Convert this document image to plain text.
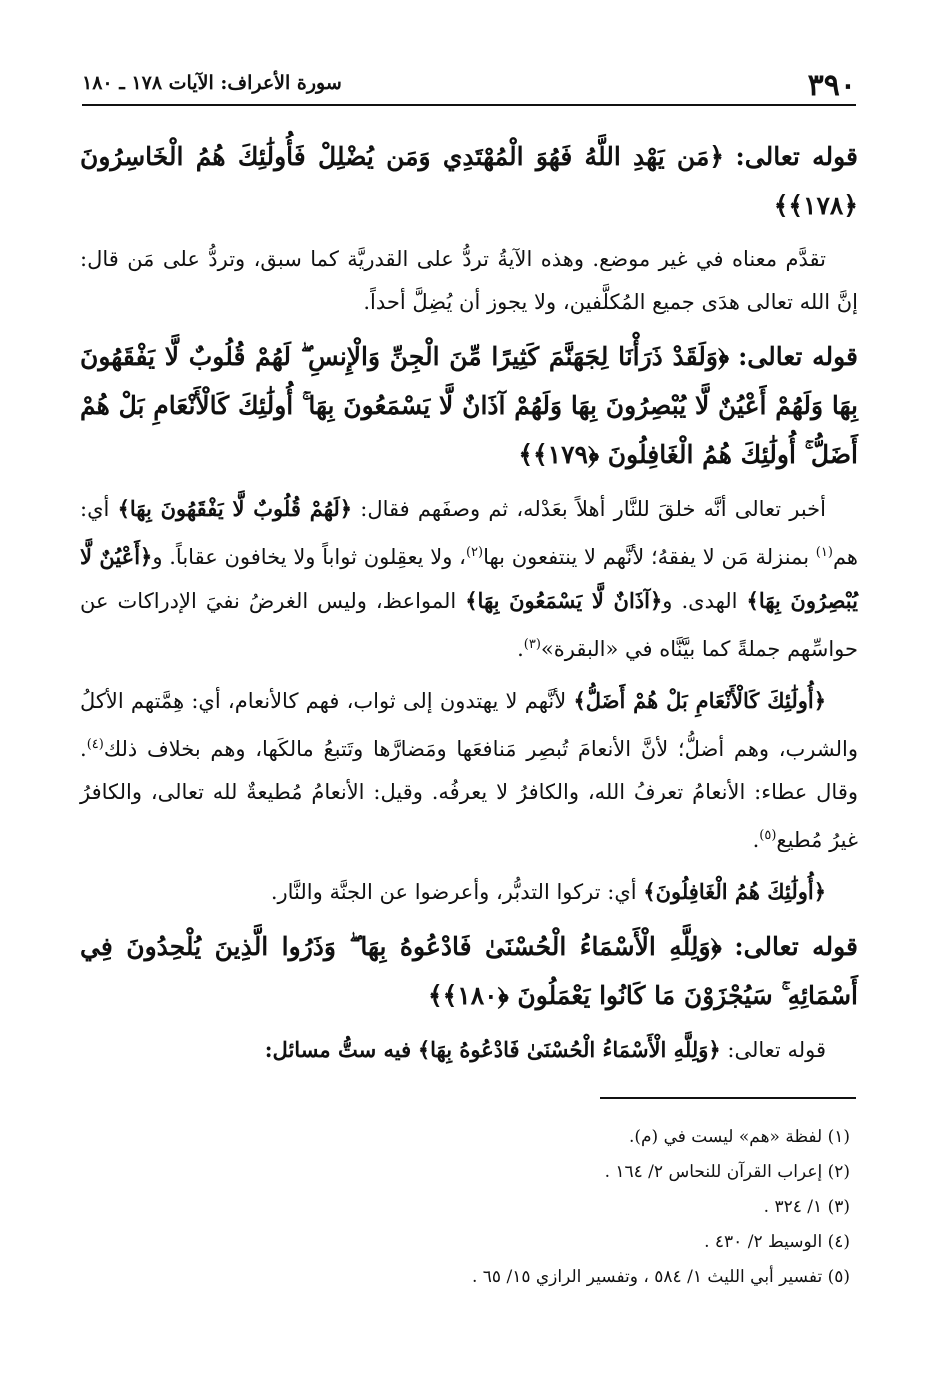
٣٩٠
سورة الأعراف: الآيات ١٧٨ ـ ١٨٠

قوله تعالى: ﴿مَن يَهْدِ اللَّهُ فَهُوَ الْمُهْتَدِي وَمَن يُضْلِلْ فَأُولَٰئِكَ هُمُ الْخَاسِرُونَ ﴿١٧٨﴾﴾

تقدَّم معناه في غير موضع. وهذه الآيةُ تردُّ على القدريَّة كما سبق، وتردُّ على مَن قال: إنَّ الله تعالى هدَى جميع المُكلَّفين، ولا يجوز أن يُضِلَّ أحداً.

قوله تعالى: ﴿وَلَقَدْ ذَرَأْنَا لِجَهَنَّمَ كَثِيرًا مِّنَ الْجِنِّ وَالْإِنسِ ۖ لَهُمْ قُلُوبٌ لَّا يَفْقَهُونَ بِهَا وَلَهُمْ أَعْيُنٌ لَّا يُبْصِرُونَ بِهَا وَلَهُمْ آذَانٌ لَّا يَسْمَعُونَ بِهَا ۚ أُولَٰئِكَ كَالْأَنْعَامِ بَلْ هُمْ أَضَلُّ ۚ أُولَٰئِكَ هُمُ الْغَافِلُونَ ﴿١٧٩﴾﴾

أخبر تعالى أنَّه خلقَ للنَّار أهلاً بعَدْله، ثم وصفَهم فقال: ﴿لَهُمْ قُلُوبٌ لَّا يَفْقَهُونَ بِهَا﴾ أي: هم$^{(١)}$ بمنزلة مَن لا يفقهُ؛ لأنَّهم لا ينتفعون بها$^{(٢)}$، ولا يعقِلون ثواباً ولا يخافون عقاباً. و﴿أَعْيُنٌ لَّا يُبْصِرُونَ بِهَا﴾ الهدى. و﴿آذَانٌ لَّا يَسْمَعُونَ بِهَا﴾ المواعظ، وليس الغرضُ نفيَ الإدراكات عن حواسِّهم جملةً كما بيَّنَّاه في «البقرة»$^{(٣)}$.

﴿أُولَٰئِكَ كَالْأَنْعَامِ بَلْ هُمْ أَضَلُّ﴾ لأنَّهم لا يهتدون إلى ثواب، فهم كالأنعام، أي: هِمَّتهم الأكلُ والشرب، وهم أضلُّ؛ لأنَّ الأنعامَ تُبصِر مَنافعَها ومَضارَّها وتَتبعُ مالكَها، وهم بخلاف ذلك$^{(٤)}$. وقال عطاء: الأنعامُ تعرفُ الله، والكافرُ لا يعرفُه. وقيل: الأنعامُ مُطيعةٌ لله تعالى، والكافرُ غيرُ مُطيع$^{(٥)}$.

﴿أُولَٰئِكَ هُمُ الْغَافِلُونَ﴾ أي: تركوا التدبُّر، وأعرضوا عن الجنَّة والنَّار.

قوله تعالى: ﴿وَلِلَّهِ الْأَسْمَاءُ الْحُسْنَىٰ فَادْعُوهُ بِهَا ۖ وَذَرُوا الَّذِينَ يُلْحِدُونَ فِي أَسْمَائِهِ ۚ سَيُجْزَوْنَ مَا كَانُوا يَعْمَلُونَ ﴿١٨٠﴾﴾

قوله تعالى: ﴿وَلِلَّهِ الْأَسْمَاءُ الْحُسْنَىٰ فَادْعُوهُ بِهَا﴾ فيه ستُّ مسائل:

(١) لفظة «هم» ليست في (م).
(٢) إعراب القرآن للنحاس ٢/ ١٦٤ .
(٣) ١/ ٣٢٤ .
(٤) الوسيط ٢/ ٤٣٠ .
(٥) تفسير أبي الليث ١/ ٥٨٤ ، وتفسير الرازي ١٥/ ٦٥ .
